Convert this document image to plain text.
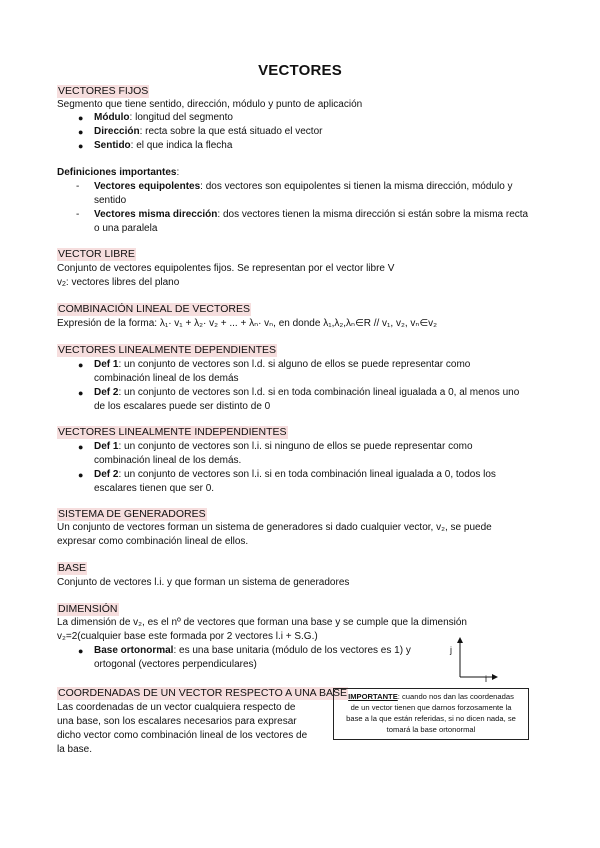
VECTORES
VECTORES FIJOS
Segmento que tiene sentido, dirección, módulo y punto de aplicación
● Módulo: longitud del segmento
● Dirección: recta sobre la que está situado el vector
● Sentido: el que indica la flecha
Definiciones importantes:
- Vectores equipolentes: dos vectores son equipolentes si tienen la misma dirección, módulo y
sentido
- Vectores misma dirección: dos vectores tienen la misma dirección si están sobre la misma recta
o una paralela
VECTOR LIBRE
Conjunto de vectores equipolentes fijos. Se representan por el vector libre V
v2: vectores libres del plano
COMBINACIÓN LINEAL DE VECTORES
Expresión de la forma: λ₁· v₁ + λ₂· v₂ + ... + λₙ· vₙ, en donde λ₁,λ₂,λₙ∈R // v₁, v₂, vₙ∈v₂
VECTORES LINEALMENTE DEPENDIENTES
● Def 1: un conjunto de vectores son l.d. si alguno de ellos se puede representar como
combinación lineal de los demás
● Def 2: un conjunto de vectores son l.d. si en toda combinación lineal igualada a 0, al menos uno
de los escalares puede ser distinto de 0
VECTORES LINEALMENTE INDEPENDIENTES
● Def 1: un conjunto de vectores son l.i. si ninguno de ellos se puede representar como
combinación lineal de los demás.
● Def 2: un conjunto de vectores son l.i. si en toda combinación lineal igualada a 0, todos los
escalares tienen que ser 0.
SISTEMA DE GENERADORES
Un conjunto de vectores forman un sistema de generadores si dado cualquier vector, v₂, se puede
expresar como combinación lineal de ellos.
BASE
Conjunto de vectores l.i. y que forman un sistema de generadores
DIMENSIÓN
La dimensión de v₂, es el nº de vectores que forman una base y se cumple que la dimensión
v₂=2(cualquier base este formada por 2 vectores l.i + S.G.)
● Base ortonormal: es una base unitaria (módulo de los vectores es 1) y
ortogonal (vectores perpendiculares)
j
i
COORDENADAS DE UN VECTOR RESPECTO A UNA BASE
Las coordenadas de un vector cualquiera respecto de
una base, son los escalares necesarios para expresar
dicho vector como combinación lineal de los vectores de
la base.
IMPORTANTE: cuando nos dan las coordenadas
de un vector tienen que darnos forzosamente la
base a la que están referidas, si no dicen nada, se
tomará la base ortonormal
